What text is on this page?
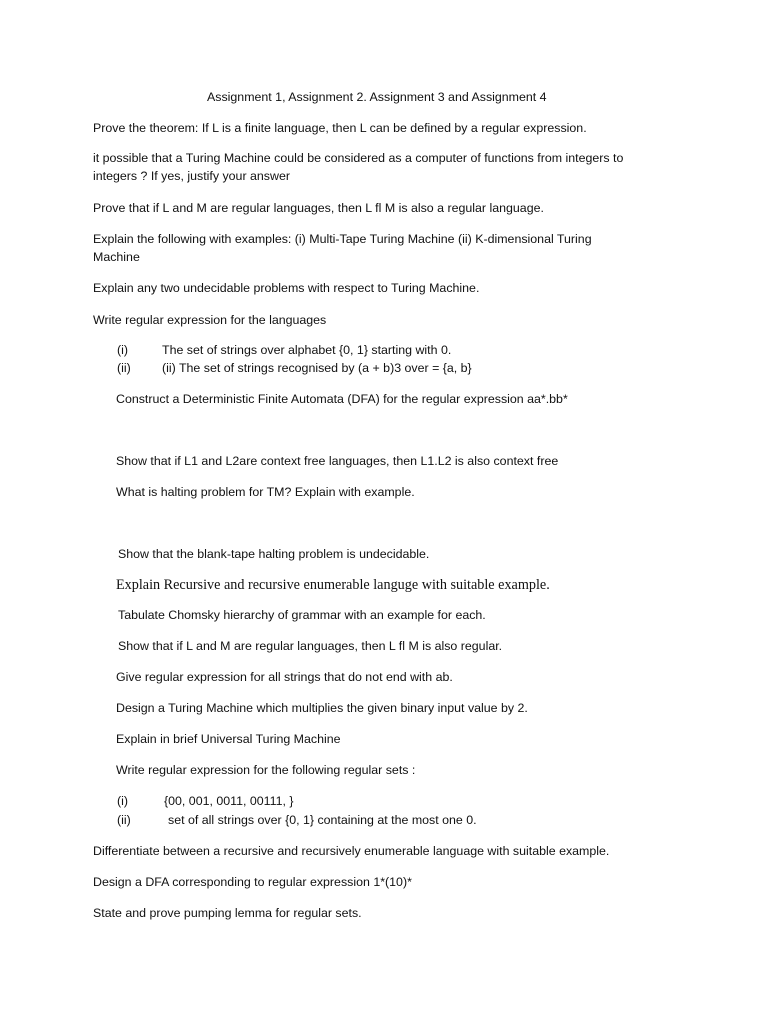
Assignment 1, Assignment 2. Assignment 3 and Assignment 4
Prove the theorem: If L is a finite language, then L can be defined by a regular expression.
it possible that a Turing Machine could be considered as a computer of functions from integers to
integers ? If yes, justify your answer
Prove that if L and M are regular languages, then L fl M is also a regular language.
Explain the following with examples: (i) Multi-Tape Turing Machine (ii) K-dimensional Turing
Machine
Explain any two undecidable problems with respect to Turing Machine.
Write regular expression for the languages
(i)	The set of strings over alphabet {0, 1} starting with 0.
(ii)	(ii) The set of strings recognised by (a + b)3 over = {a, b}
Construct a Deterministic Finite Automata (DFA) for the regular expression aa*.bb*
Show that if L1 and L2are context free languages, then L1.L2 is also context free
What is halting problem for TM? Explain with example.
Show that the blank-tape halting problem is undecidable.
Explain Recursive and recursive enumerable languge with suitable example.
Tabulate Chomsky hierarchy of grammar with an example for each.
Show that if L and M are regular languages, then L fl M is also regular.
Give regular expression for all strings that do not end with ab.
Design a Turing Machine which multiplies the given binary input value by 2.
Explain in brief Universal Turing Machine
Write regular expression for the following regular sets :
(i)	{00, 001, 0011, 00111, }
(ii)	set of all strings over {0, 1} containing at the most one 0.
Differentiate between a recursive and recursively enumerable language with suitable example.
Design a DFA corresponding to regular expression 1*(10)*
State and prove pumping lemma for regular sets.
